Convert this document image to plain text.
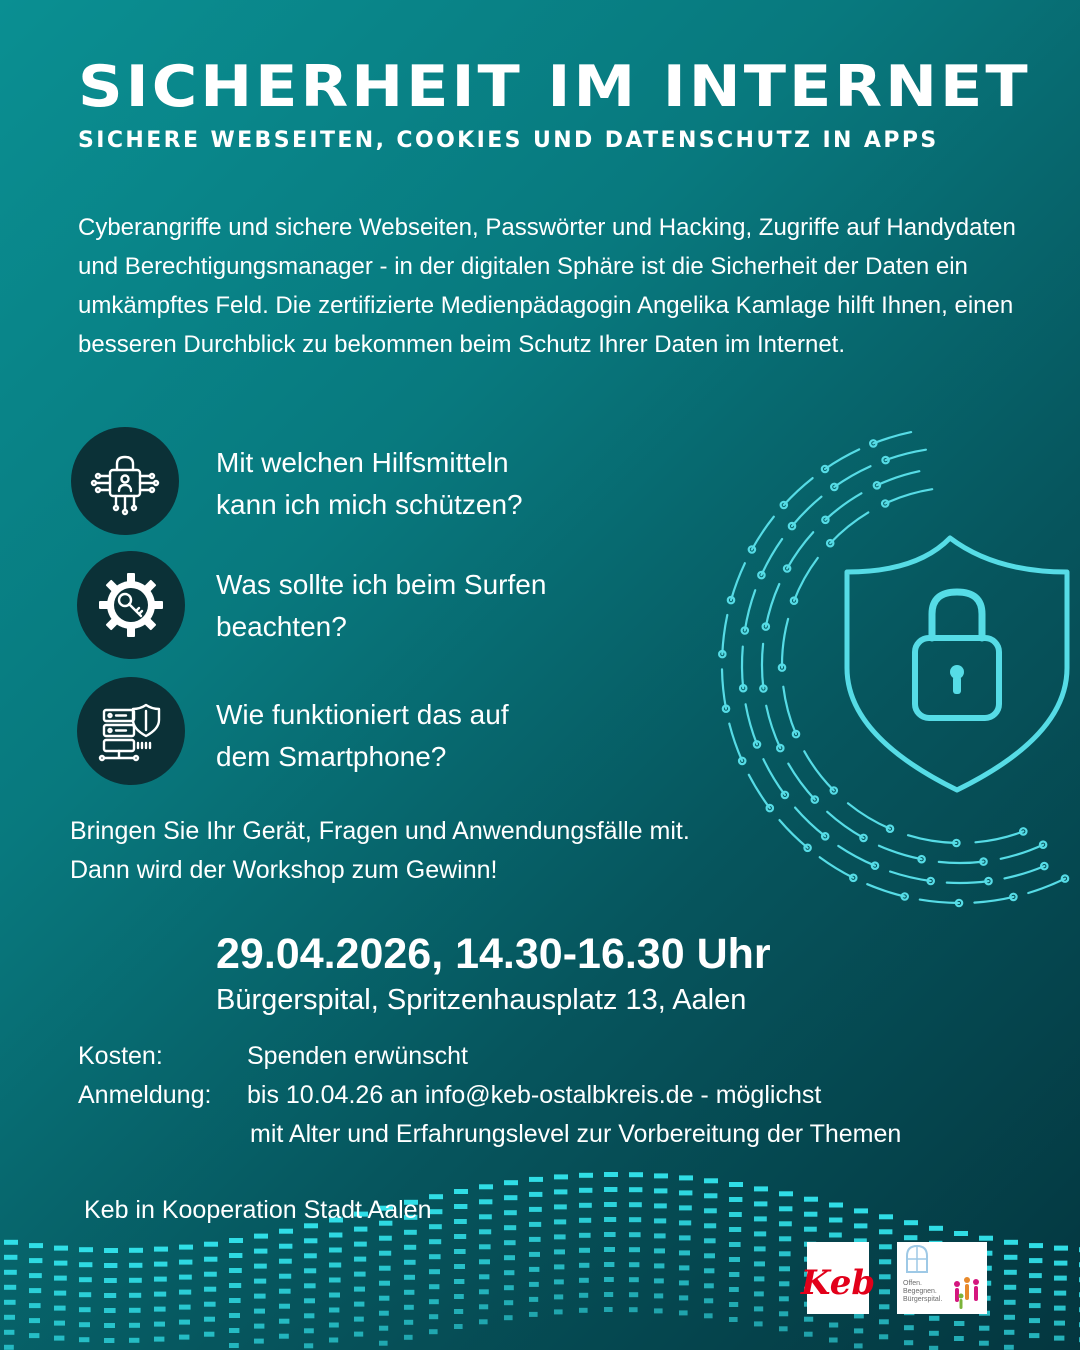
SICHERHEIT IM INTERNET
SICHERE WEBSEITEN, COOKIES UND DATENSCHUTZ IN APPS

Cyberangriffe und sichere Webseiten, Passwörter und Hacking, Zugriffe auf Handydaten und Berechtigungsmanager - in der digitalen Sphäre ist die Sicherheit der Daten ein umkämpftes Feld. Die zertifizierte Medienpädagogin Angelika Kamlage hilft Ihnen, einen besseren Durchblick zu bekommen beim Schutz Ihrer Daten im Internet.

Mit welchen Hilfsmitteln

kann ich mich schützen?

Was sollte ich beim Surfen

beachten?

Wie funktioniert das auf

dem Smartphone?

Bringen Sie Ihr Gerät, Fragen und Anwendungsfälle mit.
Dann wird der Workshop zum Gewinn!

29.04.2026, 14.30-16.30 Uhr

Bürgerspital, Spritzenhausplatz 13, Aalen

Kosten:	Spenden erwünscht

Anmeldung: bis 10.04.26 an info@keb-ostalbkreis.de - möglichst

mit Alter und Erfahrungslevel zur Vorbereitung der Themen

Keb in Kooperation Stadt Aalen

Keb	Offen.
Begegnen.
Bürgerspital.
